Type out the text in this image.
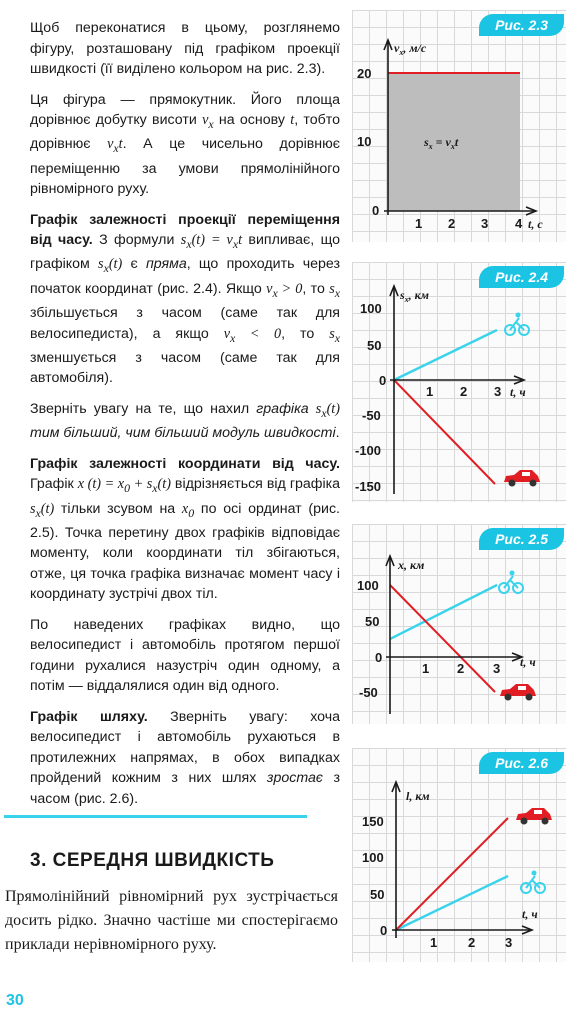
Щоб переконатися в цьому, розглянемо фігуру, розташовану під графіком проекції швидкості (її виділено кольором на рис. 2.3).

Ця фігура — прямокутник. Його площа дорівнює добутку висоти $v_x$ на основу t, тобто дорівнює $v_xt$. А це чисельно дорівнює переміщенню за умови прямолінійного рівномірного руху.

Графік залежності проекції переміщення від часу. З формули $s_x(t) = v_xt$ випливає, що графіком $s_x(t)$ є пряма, що проходить через початок координат (рис. 2.4). Якщо $v_x > 0$, то $s_x$ збільшується з часом (саме так для велосипедиста), а якщо $v_x < 0$, то $s_x$ зменшується з часом (саме так для автомобіля).

Зверніть увагу на те, що нахил графіка $s_x(t)$ тим більший, чим більший модуль швидкості.

Графік залежності координати від часу. Графік x $(t) = x_0 + s_x(t)$ відрізняється від графіка $s_x(t)$ тільки зсувом на $x_0$ по осі ординат (рис. 2.5). Точка перетину двох графіків відповідає моменту, коли координати тіл збігаються, отже, ця точка графіка визначає момент часу і координату зустрічі двох тіл.

По наведених графіках видно, що велосипедист і автомобіль протягом першої години рухалися назустріч один одному, а потім — віддалялися один від одного.

Графік шляху. Зверніть увагу: хоча велосипедист і автомобіль рухаються в протилежних напрямах, в обох випадках пройдений кожним з них шлях зростає з часом (рис. 2.6).

3. СЕРЕДНЯ ШВИДКІСТЬ
Прямолінійний рівномірний рух зустрічається досить рідко. Значно частіше ми спостерігаємо приклади нерівномірного руху.
30
Рис. 2.3
$v_x$, м/с
20
10
0
1 2 3 4 t, с
$s_x = v_xt$
Рис. 2.4
$s_x$, км
100
50
0
-50
-100
-150
1 2 3 t, ч
Рис. 2.5
x, км
100
50
0
-50
1 2 3 t, ч
Рис. 2.6
l, км
150
100
50
0
1 2 3
t, ч
